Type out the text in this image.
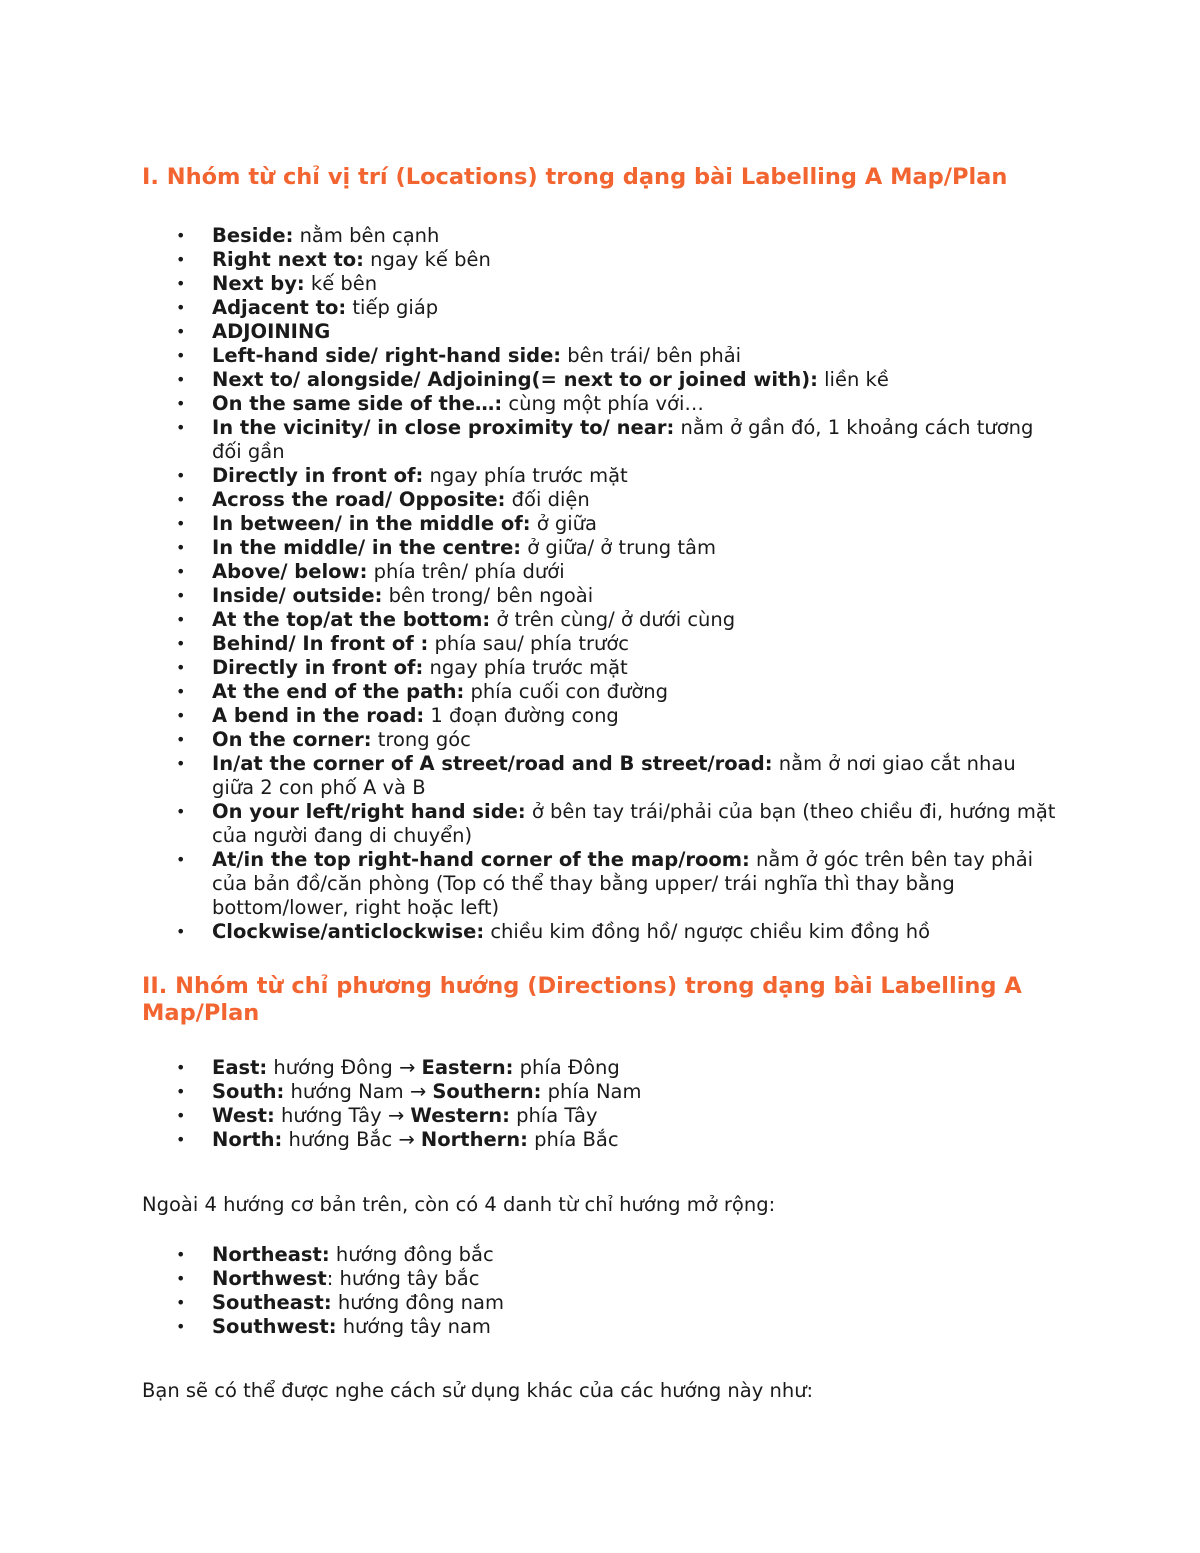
I. Nhóm từ chỉ vị trí (Locations) trong dạng bài Labelling A Map/Plan
• Beside: nằm bên cạnh
• Right next to: ngay kế bên
• Next by: kế bên
• Adjacent to: tiếp giáp
• ADJOINING
• Left-hand side/ right-hand side: bên trái/ bên phải
• Next to/ alongside/ Adjoining(= next to or joined with): liền kề
• On the same side of the…: cùng một phía với…
• In the vicinity/ in close proximity to/ near: nằm ở gần đó, 1 khoảng cách tương đối gần
• Directly in front of: ngay phía trước mặt
• Across the road/ Opposite: đối diện
• In between/ in the middle of: ở giữa
• In the middle/ in the centre: ở giữa/ ở trung tâm
• Above/ below: phía trên/ phía dưới
• Inside/ outside: bên trong/ bên ngoài
• At the top/at the bottom: ở trên cùng/ ở dưới cùng
• Behind/ In front of : phía sau/ phía trước
• Directly in front of: ngay phía trước mặt
• At the end of the path: phía cuối con đường
• A bend in the road: 1 đoạn đường cong
• On the corner: trong góc
• In/at the corner of A street/road and B street/road: nằm ở nơi giao cắt nhau giữa 2 con phố A và B
• On your left/right hand side: ở bên tay trái/phải của bạn (theo chiều đi, hướng mặt của người đang di chuyển)
• At/in the top right-hand corner of the map/room: nằm ở góc trên bên tay phải của bản đồ/căn phòng (Top có thể thay bằng upper/ trái nghĩa thì thay bằng bottom/lower, right hoặc left)
• Clockwise/anticlockwise: chiều kim đồng hồ/ ngược chiều kim đồng hồ
II. Nhóm từ chỉ phương hướng (Directions) trong dạng bài Labelling A Map/Plan
• East: hướng Đông → Eastern: phía Đông
• South: hướng Nam → Southern: phía Nam
• West: hướng Tây → Western: phía Tây
• North: hướng Bắc → Northern: phía Bắc

Ngoài 4 hướng cơ bản trên, còn có 4 danh từ chỉ hướng mở rộng:

• Northeast: hướng đông bắc
• Northwest: hướng tây bắc
• Southeast: hướng đông nam
• Southwest: hướng tây nam

Bạn sẽ có thể được nghe cách sử dụng khác của các hướng này như:
